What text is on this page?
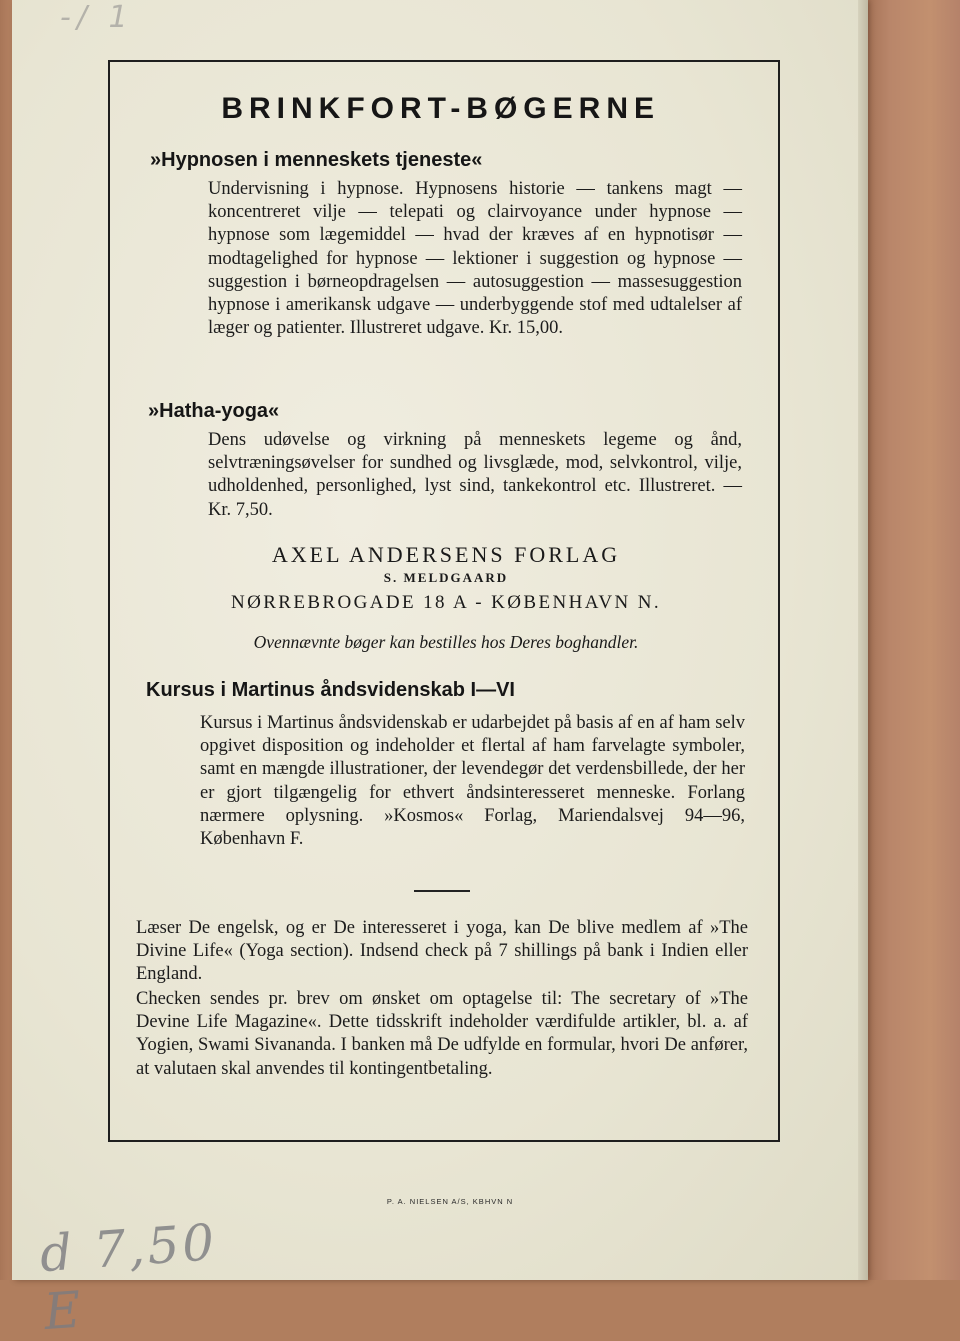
-/ 1
BRINKFORT-BØGERNE
»Hypnosen i menneskets tjeneste«
Undervisning i hypnose. Hypnosens historie — tankens magt — koncentreret vilje — telepati og clairvoyance under hypnose — hypnose som lægemiddel — hvad der kræves af en hypnotisør — modtagelighed for hypnose — lektioner i suggestion og hypnose — suggestion i børneopdragelsen — autosuggestion — massesuggestion hypnose i amerikansk udgave — underbyggende stof med udtalelser af læger og patienter. Illustreret udgave. Kr. 15,00.
»Hatha-yoga«
Dens udøvelse og virkning på menneskets legeme og ånd, selvtræningsøvelser for sundhed og livsglæde, mod, selvkontrol, vilje, udholdenhed, personlighed, lyst sind, tankekontrol etc. Illustreret. — Kr. 7,50.
AXEL ANDERSENS FORLAG
S. MELDGAARD
NØRREBROGADE 18 A - KØBENHAVN N.
Ovennævnte bøger kan bestilles hos Deres boghandler.
Kursus i Martinus åndsvidenskab I—VI
Kursus i Martinus åndsvidenskab er udarbejdet på basis af en af ham selv opgivet disposition og indeholder et flertal af ham farvelagte symboler, samt en mængde illustrationer, der levendegør det verdensbillede, der her er gjort tilgængelig for ethvert åndsinteresseret menneske. Forlang nærmere oplysning. »Kosmos« Forlag, Mariendalsvej 94—96, København F.
Læser De engelsk, og er De interesseret i yoga, kan De blive medlem af »The Divine Life« (Yoga section). Indsend check på 7 shillings på bank i Indien eller England.
Checken sendes pr. brev om ønsket om optagelse til: The secretary of »The Devine Life Magazine«. Dette tidsskrift indeholder værdifulde artikler, bl. a. af Yogien, Swami Sivananda. I banken må De udfylde en formular, hvori De anfører, at valutaen skal anvendes til kontingentbetaling.
P. A. NIELSEN A/S, KBHVN N
d 7,50 E
